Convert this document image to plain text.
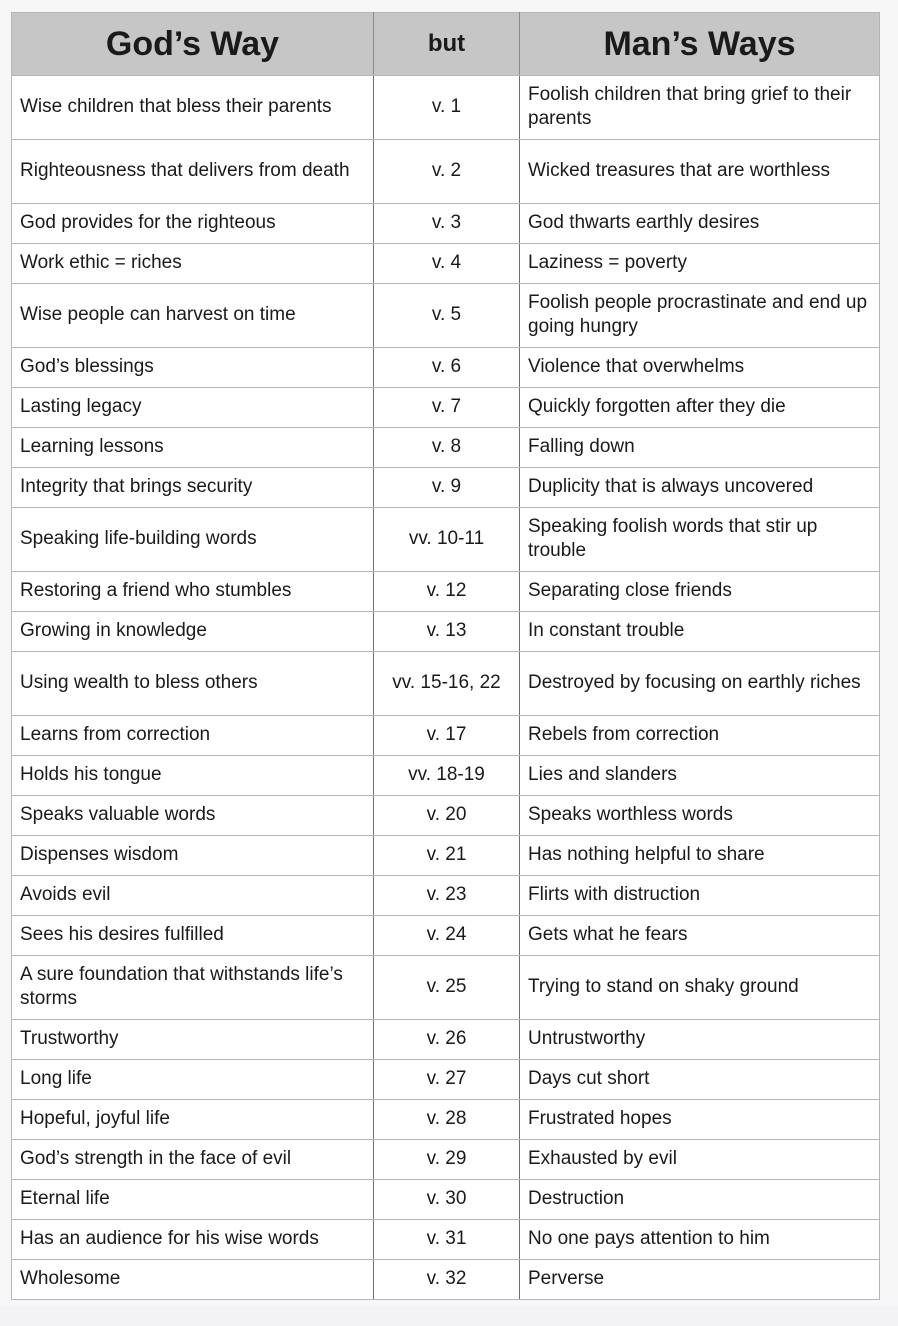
God’s Way	but	Man’s Ways
Wise children that bless their parents	v. 1	Foolish children that bring grief to their parents
Righteousness that delivers from death	v. 2	Wicked treasures that are worthless
God provides for the righteous	v. 3	God thwarts earthly desires
Work ethic = riches	v. 4	Laziness = poverty
Wise people can harvest on time	v. 5	Foolish people procrastinate and end up going hungry
God’s blessings	v. 6	Violence that overwhelms
Lasting legacy	v. 7	Quickly forgotten after they die
Learning lessons	v. 8	Falling down
Integrity that brings security	v. 9	Duplicity that is always uncovered
Speaking life-building words	vv. 10-11	Speaking foolish words that stir up trouble
Restoring a friend who stumbles	v. 12	Separating close friends
Growing in knowledge	v. 13	In constant trouble
Using wealth to bless others	vv. 15-16, 22	Destroyed by focusing on earthly riches
Learns from correction	v. 17	Rebels from correction
Holds his tongue	vv. 18-19	Lies and slanders
Speaks valuable words	v. 20	Speaks worthless words
Dispenses wisdom	v. 21	Has nothing helpful to share
Avoids evil	v. 23	Flirts with distruction
Sees his desires fulfilled	v. 24	Gets what he fears
A sure foundation that withstands life’s storms	v. 25	Trying to stand on shaky ground
Trustworthy	v. 26	Untrustworthy
Long life	v. 27	Days cut short
Hopeful, joyful life	v. 28	Frustrated hopes
God’s strength in the face of evil	v. 29	Exhausted by evil
Eternal life	v. 30	Destruction
Has an audience for his wise words	v. 31	No one pays attention to him
Wholesome	v. 32	Perverse
